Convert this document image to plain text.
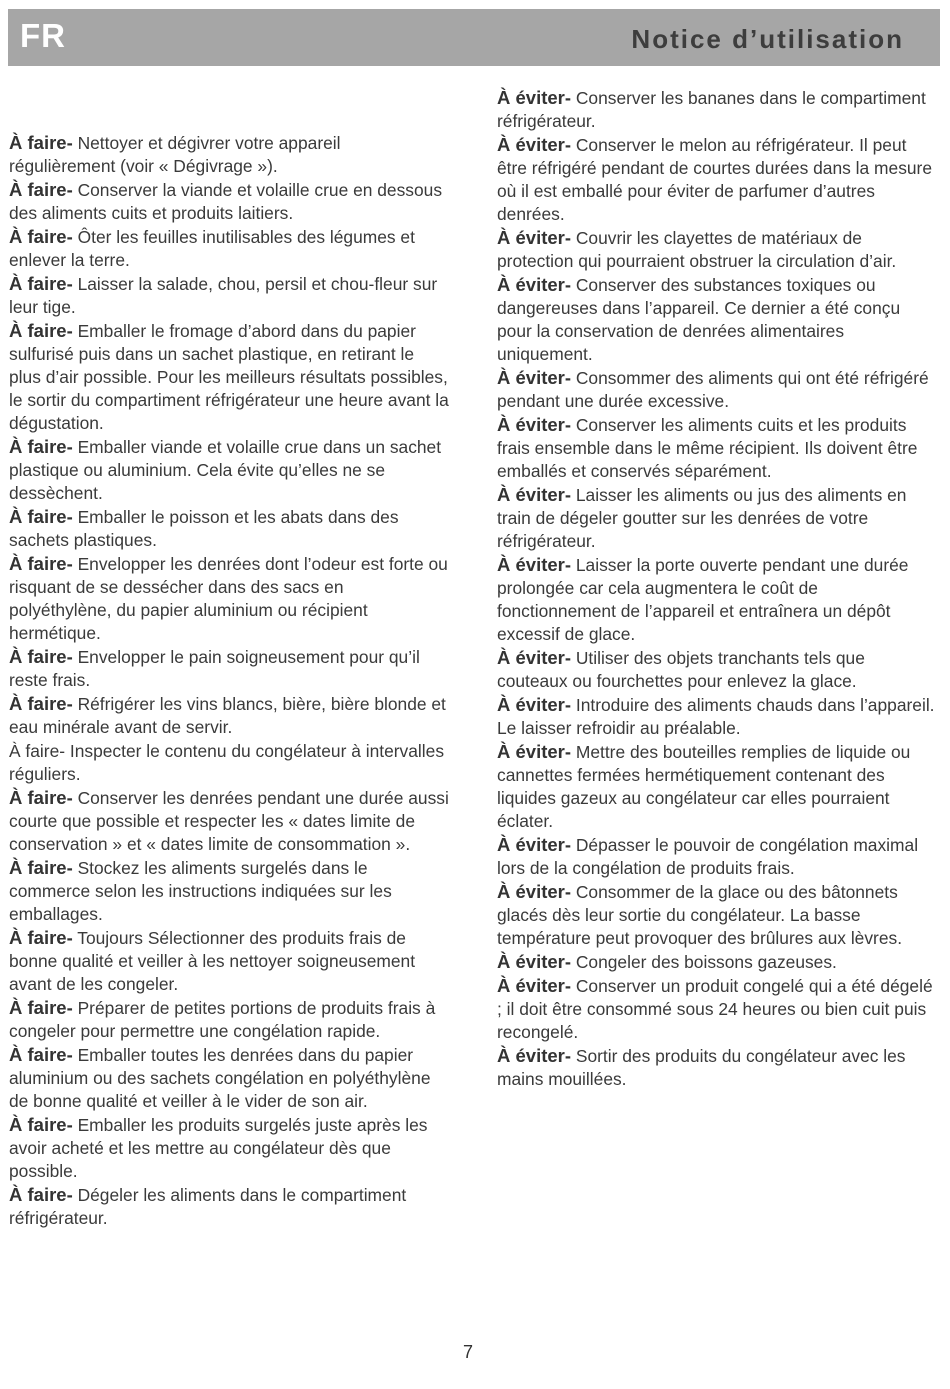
FR	Notice d’utilisation

À faire- Nettoyer et dégivrer votre appareil régulièrement (voir « Dégivrage »).

À faire- Conserver la viande et volaille crue en dessous des aliments cuits et produits laitiers.

À faire- Ôter les feuilles inutilisables des légumes et enlever la terre.

À faire- Laisser la salade, chou, persil et chou-fleur sur leur tige.

À faire- Emballer le fromage d’abord dans du papier sulfurisé puis dans un sachet plastique, en retirant le plus d’air possible. Pour les meilleurs résultats possibles, le sortir du compartiment réfrigérateur une heure avant la dégustation.

À faire- Emballer viande et volaille crue dans un sachet plastique ou aluminium. Cela évite qu’elles ne se dessèchent.

À faire- Emballer le poisson et les abats dans des sachets plastiques.

À faire- Envelopper les denrées dont l’odeur est forte ou risquant de se dessécher dans des sacs en polyéthylène, du papier aluminium ou récipient hermétique.

À faire- Envelopper le pain soigneusement pour qu’il reste frais.

À faire- Réfrigérer les vins blancs, bière, bière blonde et eau minérale avant de servir.

À faire- Inspecter le contenu du congélateur à intervalles réguliers.

À faire- Conserver les denrées pendant une durée aussi courte que possible et respecter les « dates limite de conservation » et « dates limite de consommation ».

À faire- Stockez les aliments surgelés dans le commerce selon les instructions indiquées sur les emballages.

À faire- Toujours Sélectionner des produits frais de bonne qualité et veiller à les nettoyer soigneusement avant de les congeler.

À faire- Préparer de petites portions de produits frais à congeler pour permettre une congélation rapide.

À faire- Emballer toutes les denrées dans du papier aluminium ou des sachets congélation en polyéthylène de bonne qualité et veiller à le vider de son air.

À faire- Emballer les produits surgelés juste après les avoir acheté et les mettre au congélateur dès que possible.

À faire- Dégeler les aliments dans le compartiment réfrigérateur.

À éviter- Conserver les bananes dans le compartiment réfrigérateur.

À éviter- Conserver le melon au réfrigérateur. Il peut être réfrigéré pendant de courtes durées dans la mesure où il est emballé pour éviter de parfumer d’autres denrées.

À éviter- Couvrir les clayettes de matériaux de protection qui pourraient obstruer la circulation d’air.

À éviter- Conserver des substances toxiques ou dangereuses dans l’appareil. Ce dernier a été conçu pour la conservation de denrées alimentaires uniquement.

À éviter- Consommer des aliments qui ont été réfrigéré pendant une durée excessive.

À éviter- Conserver les aliments cuits et les produits frais ensemble dans le même récipient. Ils doivent être emballés et conservés séparément.

À éviter- Laisser les aliments ou jus des aliments en train de dégeler goutter sur les denrées de votre réfrigérateur.

À éviter- Laisser la porte ouverte pendant une durée prolongée car cela augmentera le coût de fonctionnement de l’appareil et entraînera un dépôt excessif de glace.

À éviter- Utiliser des objets tranchants tels que couteaux ou fourchettes pour enlevez la glace.

À éviter- Introduire des aliments chauds dans l’appareil. Le laisser refroidir au préalable.

À éviter- Mettre des bouteilles remplies de liquide ou cannettes fermées hermétiquement contenant des liquides gazeux au congélateur car elles pourraient éclater.

À éviter- Dépasser le pouvoir de congélation maximal lors de la congélation de produits frais.

À éviter- Consommer de la glace ou des bâtonnets glacés dès leur sortie du congélateur. La basse température peut provoquer des brûlures aux lèvres.

À éviter- Congeler des boissons gazeuses.

À éviter- Conserver un produit congelé qui a été dégelé ; il doit être consommé sous 24 heures ou bien cuit puis recongelé.

À éviter- Sortir des produits du congélateur avec les mains mouillées.

7
